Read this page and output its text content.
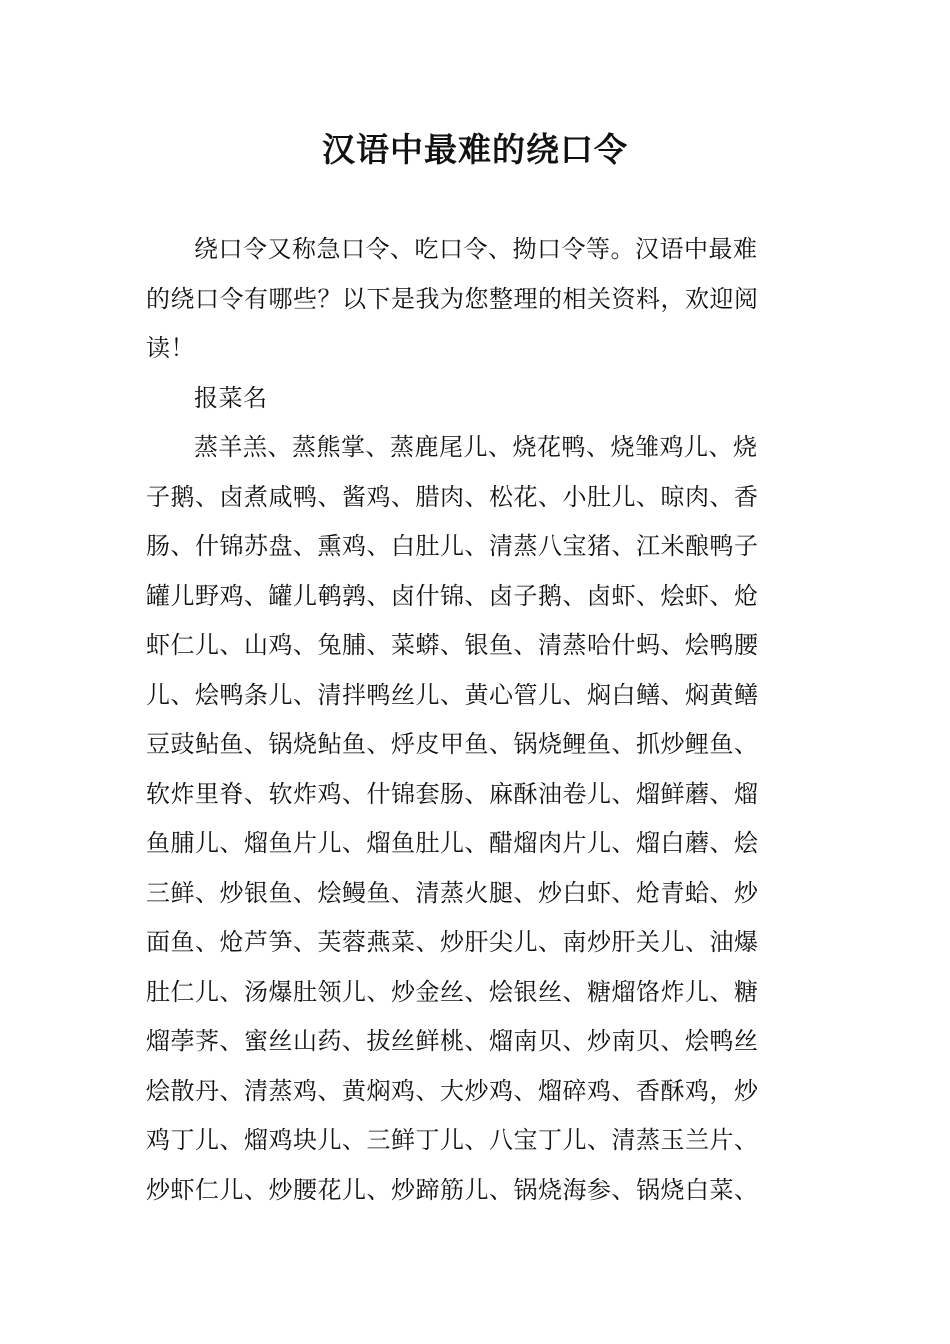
汉语中最难的绕口令

绕口令又称急口令、吃口令、拗口令等。汉语中最难
的绕口令有哪些？以下是我为您整理的相关资料，欢迎阅
读！

报菜名

蒸羊羔、蒸熊掌、蒸鹿尾儿、烧花鸭、烧雏鸡儿、烧
子鹅、卤煮咸鸭、酱鸡、腊肉、松花、小肚儿、晾肉、香
肠、什锦苏盘、熏鸡、白肚儿、清蒸八宝猪、江米酿鸭子
罐儿野鸡、罐儿鹌鹑、卤什锦、卤子鹅、卤虾、烩虾、炝
虾仁儿、山鸡、兔脯、菜蟒、银鱼、清蒸哈什蚂、烩鸭腰
儿、烩鸭条儿、清拌鸭丝儿、黄心管儿、焖白鳝、焖黄鳝
豆豉鲇鱼、锅烧鲇鱼、烀皮甲鱼、锅烧鲤鱼、抓炒鲤鱼、
软炸里脊、软炸鸡、什锦套肠、麻酥油卷儿、熘鲜蘑、熘
鱼脯儿、熘鱼片儿、熘鱼肚儿、醋熘肉片儿、熘白蘑、烩
三鲜、炒银鱼、烩鳗鱼、清蒸火腿、炒白虾、炝青蛤、炒
面鱼、炝芦笋、芙蓉燕菜、炒肝尖儿、南炒肝关儿、油爆
肚仁儿、汤爆肚领儿、炒金丝、烩银丝、糖熘饹炸儿、糖
熘荸荠、蜜丝山药、拔丝鲜桃、熘南贝、炒南贝、烩鸭丝
烩散丹、清蒸鸡、黄焖鸡、大炒鸡、熘碎鸡、香酥鸡，炒
鸡丁儿、熘鸡块儿、三鲜丁儿、八宝丁儿、清蒸玉兰片、
炒虾仁儿、炒腰花儿、炒蹄筋儿、锅烧海参、锅烧白菜、
